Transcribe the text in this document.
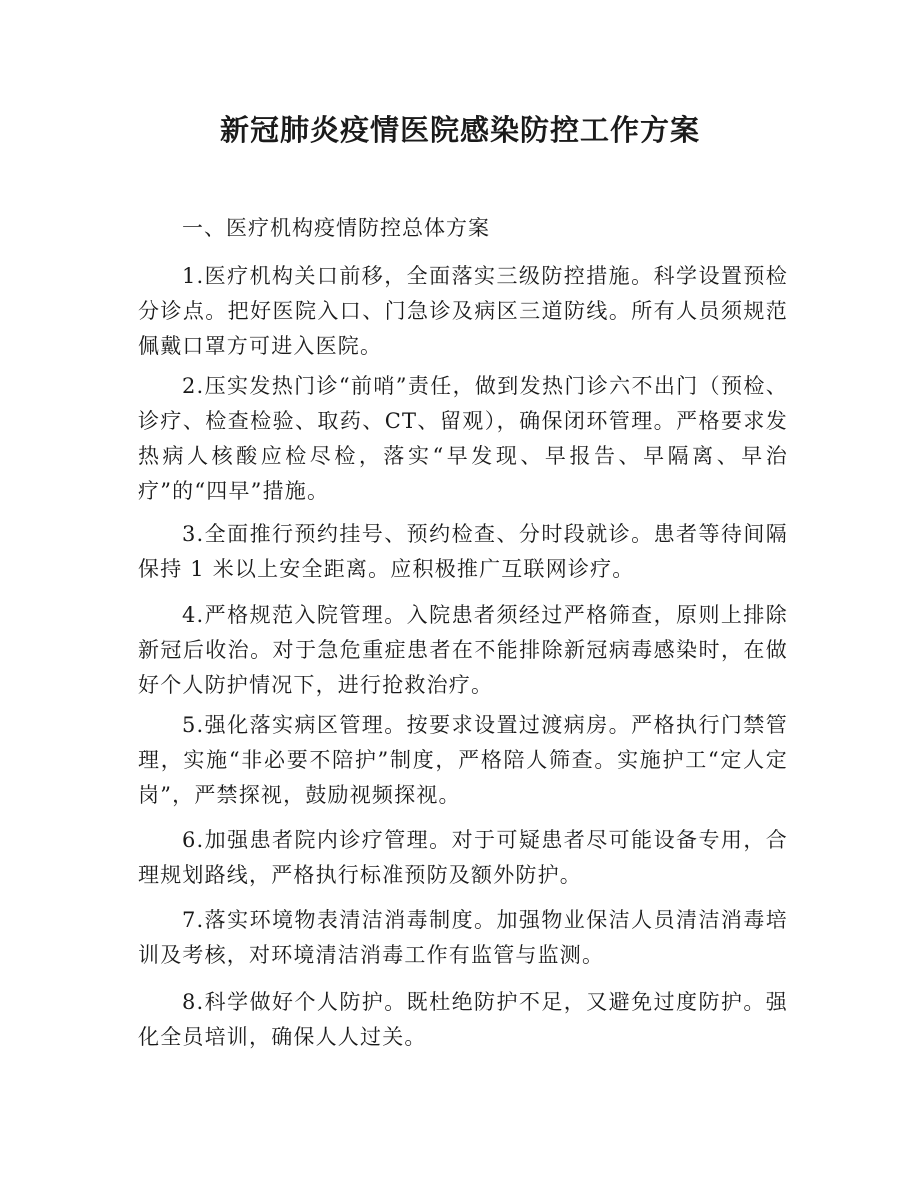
新冠肺炎疫情医院感染防控工作方案

一、医疗机构疫情防控总体方案

1.医疗机构关口前移，全面落实三级防控措施。科学设置预检分诊点。把好医院入口、门急诊及病区三道防线。所有人员须规范佩戴口罩方可进入医院。

2.压实发热门诊“前哨”责任，做到发热门诊六不出门（预检、诊疗、检查检验、取药、CT、留观），确保闭环管理。严格要求发热病人核酸应检尽检，落实“早发现、早报告、早隔离、早治疗”的“四早”措施。

3.全面推行预约挂号、预约检查、分时段就诊。患者等待间隔保持 1 米以上安全距离。应积极推广互联网诊疗。

4.严格规范入院管理。入院患者须经过严格筛查，原则上排除新冠后收治。对于急危重症患者在不能排除新冠病毒感染时，在做好个人防护情况下，进行抢救治疗。

5.强化落实病区管理。按要求设置过渡病房。严格执行门禁管理，实施“非必要不陪护”制度，严格陪人筛查。实施护工“定人定岗”，严禁探视，鼓励视频探视。

6.加强患者院内诊疗管理。对于可疑患者尽可能设备专用，合理规划路线，严格执行标准预防及额外防护。

7.落实环境物表清洁消毒制度。加强物业保洁人员清洁消毒培训及考核，对环境清洁消毒工作有监管与监测。

8.科学做好个人防护。既杜绝防护不足，又避免过度防护。强化全员培训，确保人人过关。
